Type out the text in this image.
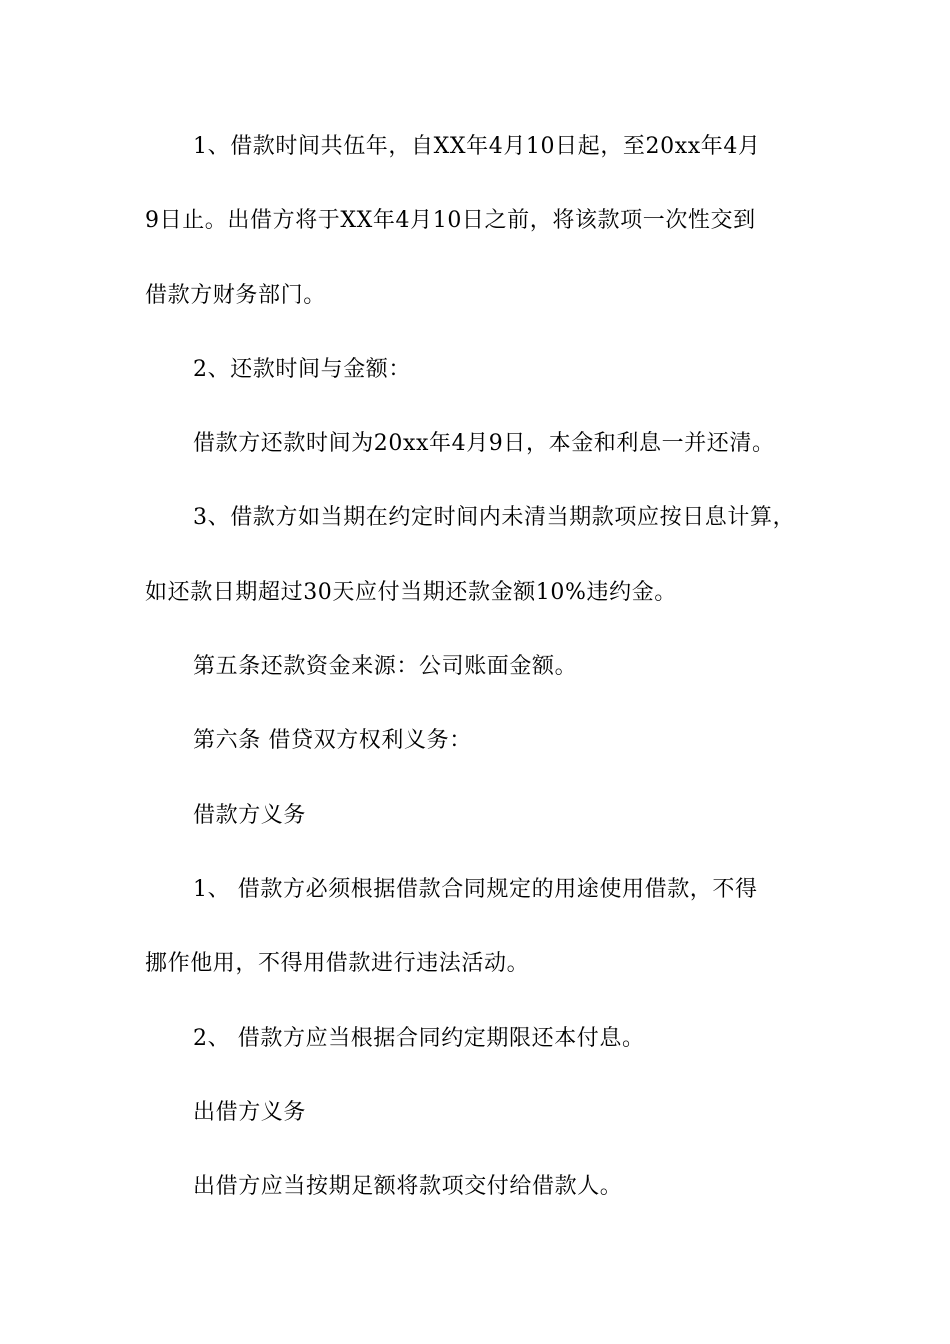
1、借款时间共伍年，自XX年4月10日起，至20xx年4月
9日止。出借方将于XX年4月10日之前，将该款项一次性交到
借款方财务部门。
2、还款时间与金额：
借款方还款时间为20xx年4月9日，本金和利息一并还清。
3、借款方如当期在约定时间内未清当期款项应按日息计算，
如还款日期超过30天应付当期还款金额10%违约金。
第五条还款资金来源：公司账面金额。
第六条 借贷双方权利义务：
借款方义务
1、 借款方必须根据借款合同规定的用途使用借款，不得
挪作他用，不得用借款进行违法活动。
2、 借款方应当根据合同约定期限还本付息。
出借方义务
出借方应当按期足额将款项交付给借款人。
